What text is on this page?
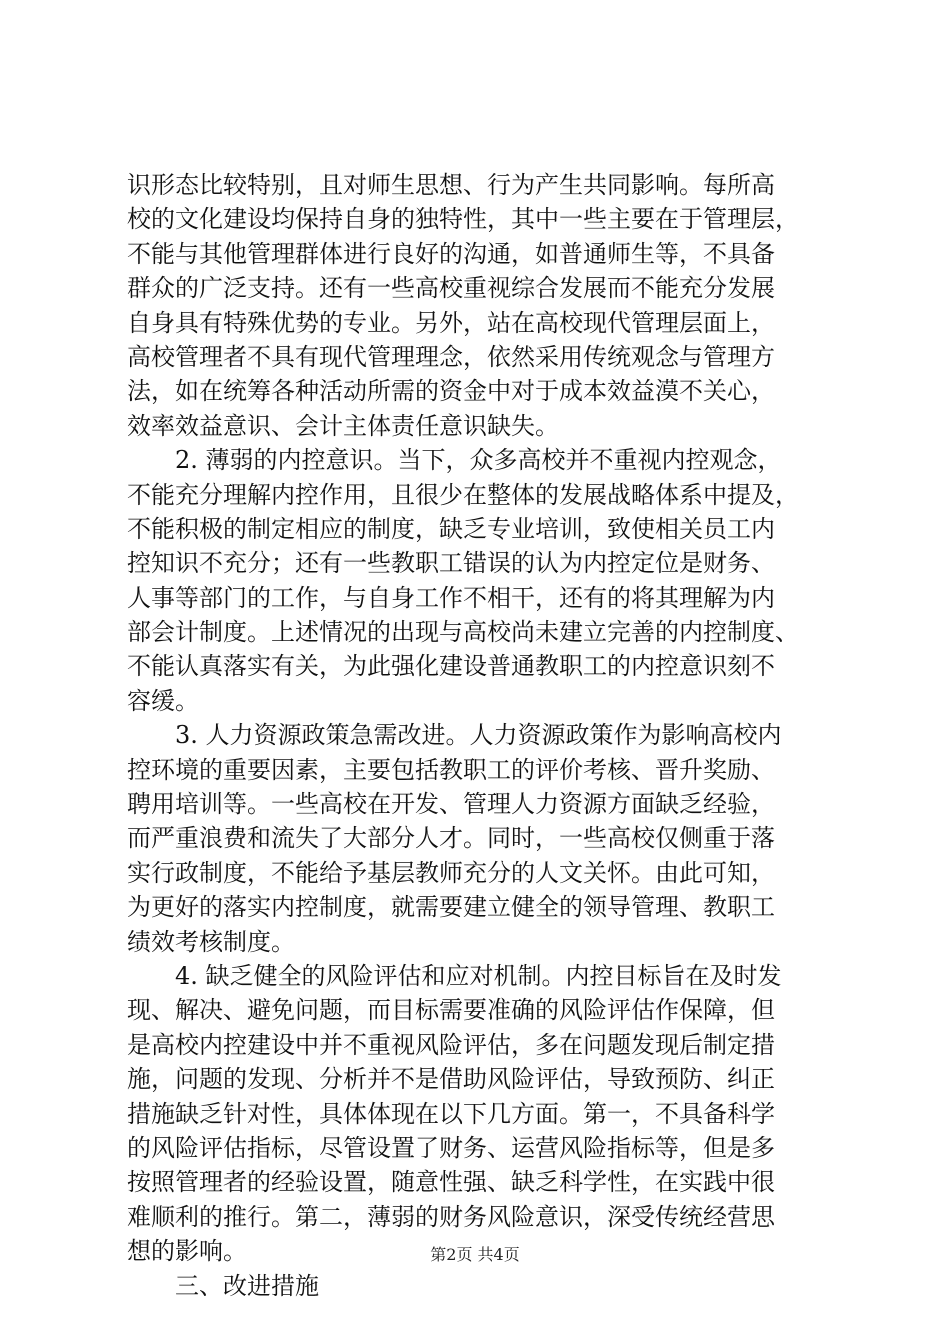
识形态比较特别，且对师生思想、行为产生共同影响。每所高
校的文化建设均保持自身的独特性，其中一些主要在于管理层，
不能与其他管理群体进行良好的沟通，如普通师生等，不具备
群众的广泛支持。还有一些高校重视综合发展而不能充分发展
自身具有特殊优势的专业。另外，站在高校现代管理层面上，
高校管理者不具有现代管理理念，依然采用传统观念与管理方
法，如在统筹各种活动所需的资金中对于成本效益漠不关心，
效率效益意识、会计主体责任意识缺失。
2. 薄弱的内控意识。当下，众多高校并不重视内控观念，
不能充分理解内控作用，且很少在整体的发展战略体系中提及，
不能积极的制定相应的制度，缺乏专业培训，致使相关员工内
控知识不充分；还有一些教职工错误的认为内控定位是财务、
人事等部门的工作，与自身工作不相干，还有的将其理解为内
部会计制度。上述情况的出现与高校尚未建立完善的内控制度、
不能认真落实有关，为此强化建设普通教职工的内控意识刻不
容缓。
3. 人力资源政策急需改进。人力资源政策作为影响高校内
控环境的重要因素，主要包括教职工的评价考核、晋升奖励、
聘用培训等。一些高校在开发、管理人力资源方面缺乏经验，
而严重浪费和流失了大部分人才。同时，一些高校仅侧重于落
实行政制度，不能给予基层教师充分的人文关怀。由此可知，
为更好的落实内控制度，就需要建立健全的领导管理、教职工
绩效考核制度。
4. 缺乏健全的风险评估和应对机制。内控目标旨在及时发
现、解决、避免问题，而目标需要准确的风险评估作保障，但
是高校内控建设中并不重视风险评估，多在问题发现后制定措
施，问题的发现、分析并不是借助风险评估，导致预防、纠正
措施缺乏针对性，具体体现在以下几方面。第一，不具备科学
的风险评估指标，尽管设置了财务、运营风险指标等，但是多
按照管理者的经验设置，随意性强、缺乏科学性，在实践中很
难顺利的推行。第二，薄弱的财务风险意识，深受传统经营思
想的影响。
三、改进措施
第2页 共4页
